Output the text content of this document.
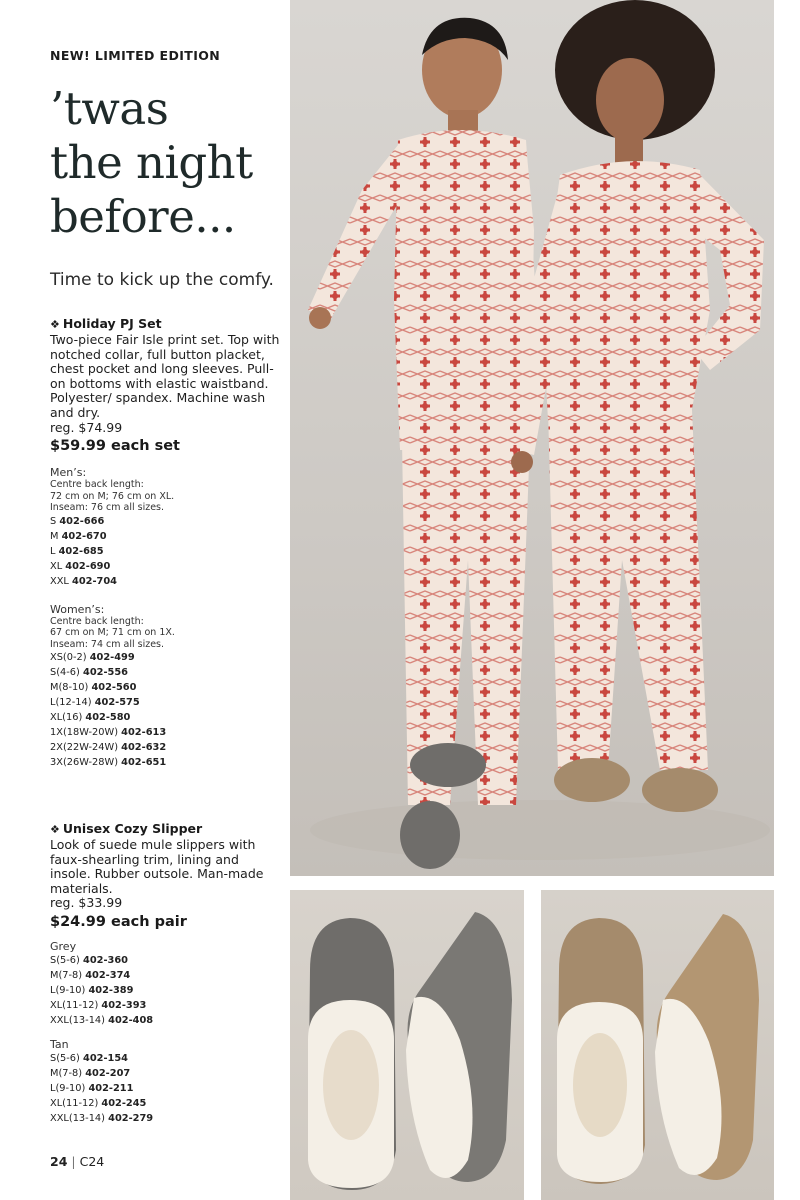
NEW! LIMITED EDITION
’twas
the night
before...
Time to kick up the comfy.
❖ Holiday PJ Set
Two-piece Fair Isle print set. Top with notched collar, full button placket, chest pocket and long sleeves. Pull-on bottoms with elastic waistband. Polyester/ spandex. Machine wash and dry.
reg. $74.99
$59.99 each set
Men’s:
Centre back length:
72 cm on M; 76 cm on XL.
Inseam: 76 cm all sizes.
S 402-666
M 402-670
L 402-685
XL 402-690
XXL 402-704
Women’s:
Centre back length:
67 cm on M; 71 cm on 1X.
Inseam: 74 cm all sizes.
XS(0-2) 402-499
S(4-6) 402-556
M(8-10) 402-560
L(12-14) 402-575
XL(16) 402-580
1X(18W-20W) 402-613
2X(22W-24W) 402-632
3X(26W-28W) 402-651
❖ Unisex Cozy Slipper
Look of suede mule slippers with faux-shearling trim, lining and insole. Rubber outsole. Man-made materials.
reg. $33.99
$24.99 each pair
Grey
S(5-6) 402-360
M(7-8) 402-374
L(9-10) 402-389
XL(11-12) 402-393
XXL(13-14) 402-408
Tan
S(5-6) 402-154
M(7-8) 402-207
L(9-10) 402-211
XL(11-12) 402-245
XXL(13-14) 402-279
24 | C24
